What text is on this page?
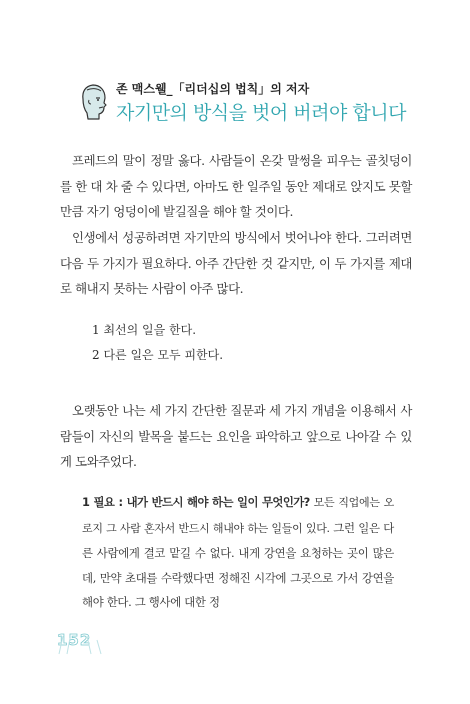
존 맥스웰_「리더십의 법칙」의 저자
자기만의 방식을 벗어 버려야 합니다

프레드의 말이 정말 옳다. 사람들이 온갖 말썽을 피우는 골칫덩이를 한 대 차 줄 수 있다면, 아마도 한 일주일 동안 제대로 앉지도 못할 만큼 자기 엉덩이에 발길질을 해야 할 것이다.

인생에서 성공하려면 자기만의 방식에서 벗어나야 한다. 그러려면 다음 두 가지가 필요하다. 아주 간단한 것 같지만, 이 두 가지를 제대로 해내지 못하는 사람이 아주 많다.

1 최선의 일을 한다.
2 다른 일은 모두 피한다.

오랫동안 나는 세 가지 간단한 질문과 세 가지 개념을 이용해서 사람들이 자신의 발목을 붙드는 요인을 파악하고 앞으로 나아갈 수 있게 도와주었다.

1 필요 : 내가 반드시 해야 하는 일이 무엇인가? 모든 직업에는 오로지 그 사람 혼자서 반드시 해내야 하는 일들이 있다. 그런 일은 다른 사람에게 결코 맡길 수 없다. 내게 강연을 요청하는 곳이 많은데, 만약 초대를 수락했다면 정해진 시각에 그곳으로 가서 강연을 해야 한다. 그 행사에 대한 정

152
